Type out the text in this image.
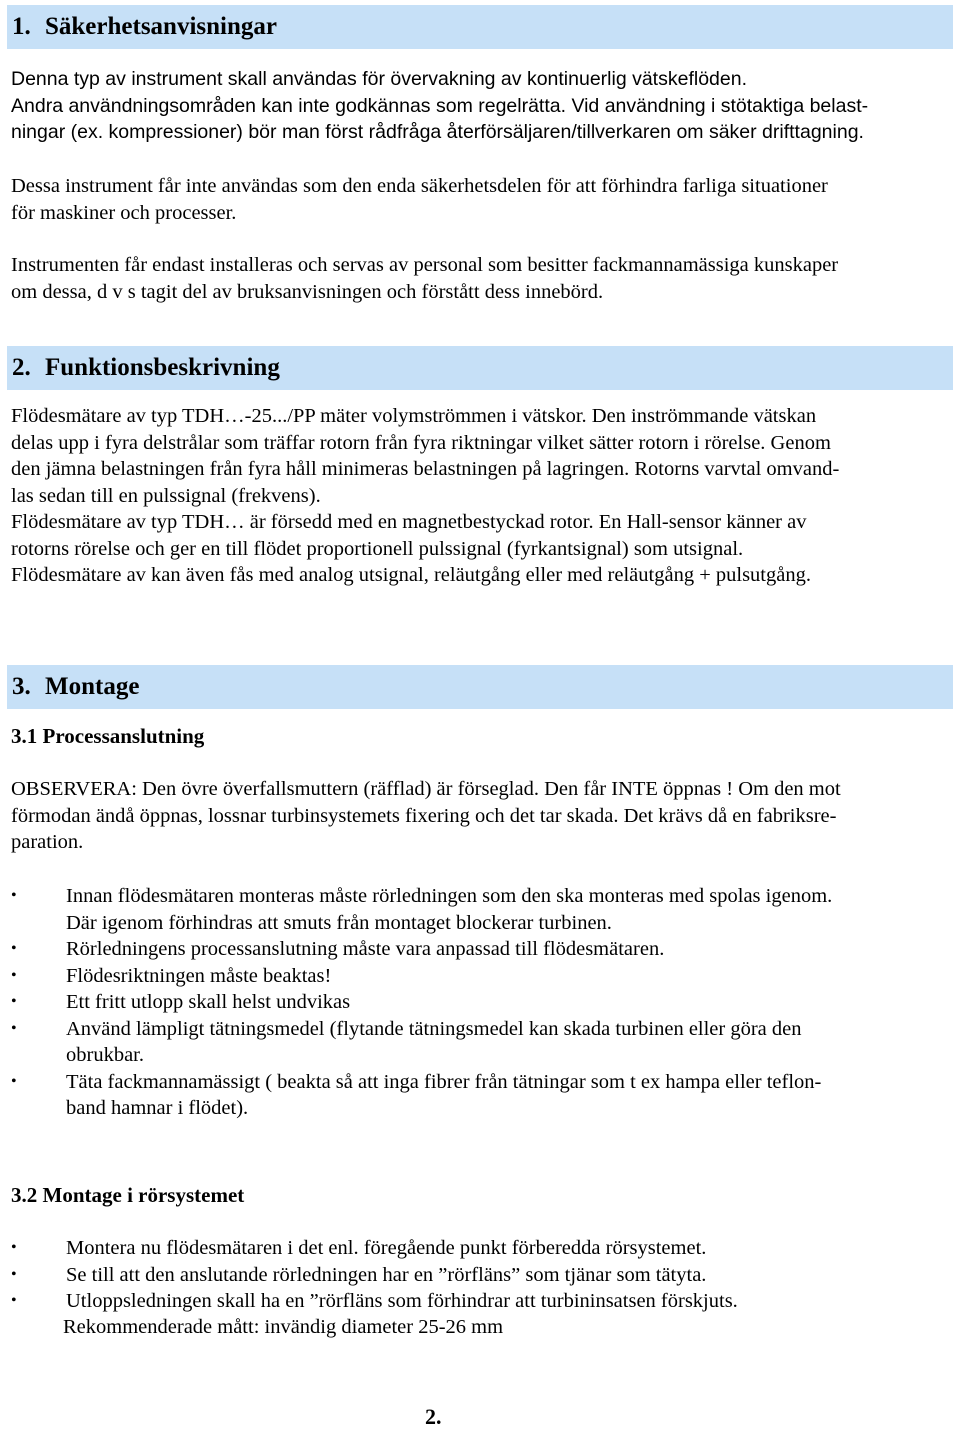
1. Säkerhetsanvisningar

Denna typ av instrument skall användas för övervakning av kontinuerlig vätskeflöden.
Andra användningsområden kan inte godkännas som regelrätta. Vid användning i stötaktiga belast-
ningar (ex. kompressioner) bör man först rådfråga återförsäljaren/tillverkaren om säker drifttagning.

Dessa instrument får inte användas som den enda säkerhetsdelen för att förhindra farliga situationer
för maskiner och processer.

Instrumenten får endast installeras och servas av personal som besitter fackmannamässiga kunskaper
om dessa, d v s tagit del av bruksanvisningen och förstått dess innebörd.

2. Funktionsbeskrivning

Flödesmätare av typ TDH…-25.../PP mäter volymströmmen i vätskor. Den inströmmande vätskan
delas upp i fyra delstrålar som träffar rotorn från fyra riktningar vilket sätter rotorn i rörelse. Genom
den jämna belastningen från fyra håll minimeras belastningen på lagringen. Rotorns varvtal omvand-
las sedan till en pulssignal (frekvens).
Flödesmätare av typ TDH… är försedd med en magnetbestyckad rotor. En Hall-sensor känner av
rotorns rörelse och ger en till flödet proportionell pulssignal (fyrkantsignal) som utsignal.
Flödesmätare av kan även fås med analog utsignal, reläutgång eller med reläutgång + pulsutgång.

3. Montage
3.1 Processanslutning

OBSERVERA: Den övre överfallsmuttern (räfflad) är förseglad. Den får INTE öppnas ! Om den mot
förmodan ändå öppnas, lossnar turbinsystemets fixering och det tar skada. Det krävs då en fabriksre-
paration.

• Innan flödesmätaren monteras måste rörledningen som den ska monteras med spolas igenom.
Där igenom förhindras att smuts från montaget blockerar turbinen.
• Rörledningens processanslutning måste vara anpassad till flödesmätaren.
• Flödesriktningen måste beaktas!
• Ett fritt utlopp skall helst undvikas
• Använd lämpligt tätningsmedel (flytande tätningsmedel kan skada turbinen eller göra den
obrukbar.
• Täta fackmannamässigt ( beakta så att inga fibrer från tätningar som t ex hampa eller teflon-
band hamnar i flödet).
3.2 Montage i rörsystemet
• Montera nu flödesmätaren i det enl. föregående punkt förberedda rörsystemet.
• Se till att den anslutande rörledningen har en ”rörfläns” som tjänar som tätyta.
• Utloppsledningen skall ha en ”rörfläns som förhindrar att turbininsatsen förskjuts.
Rekommenderade mått: invändig diameter 25-26 mm
2.
